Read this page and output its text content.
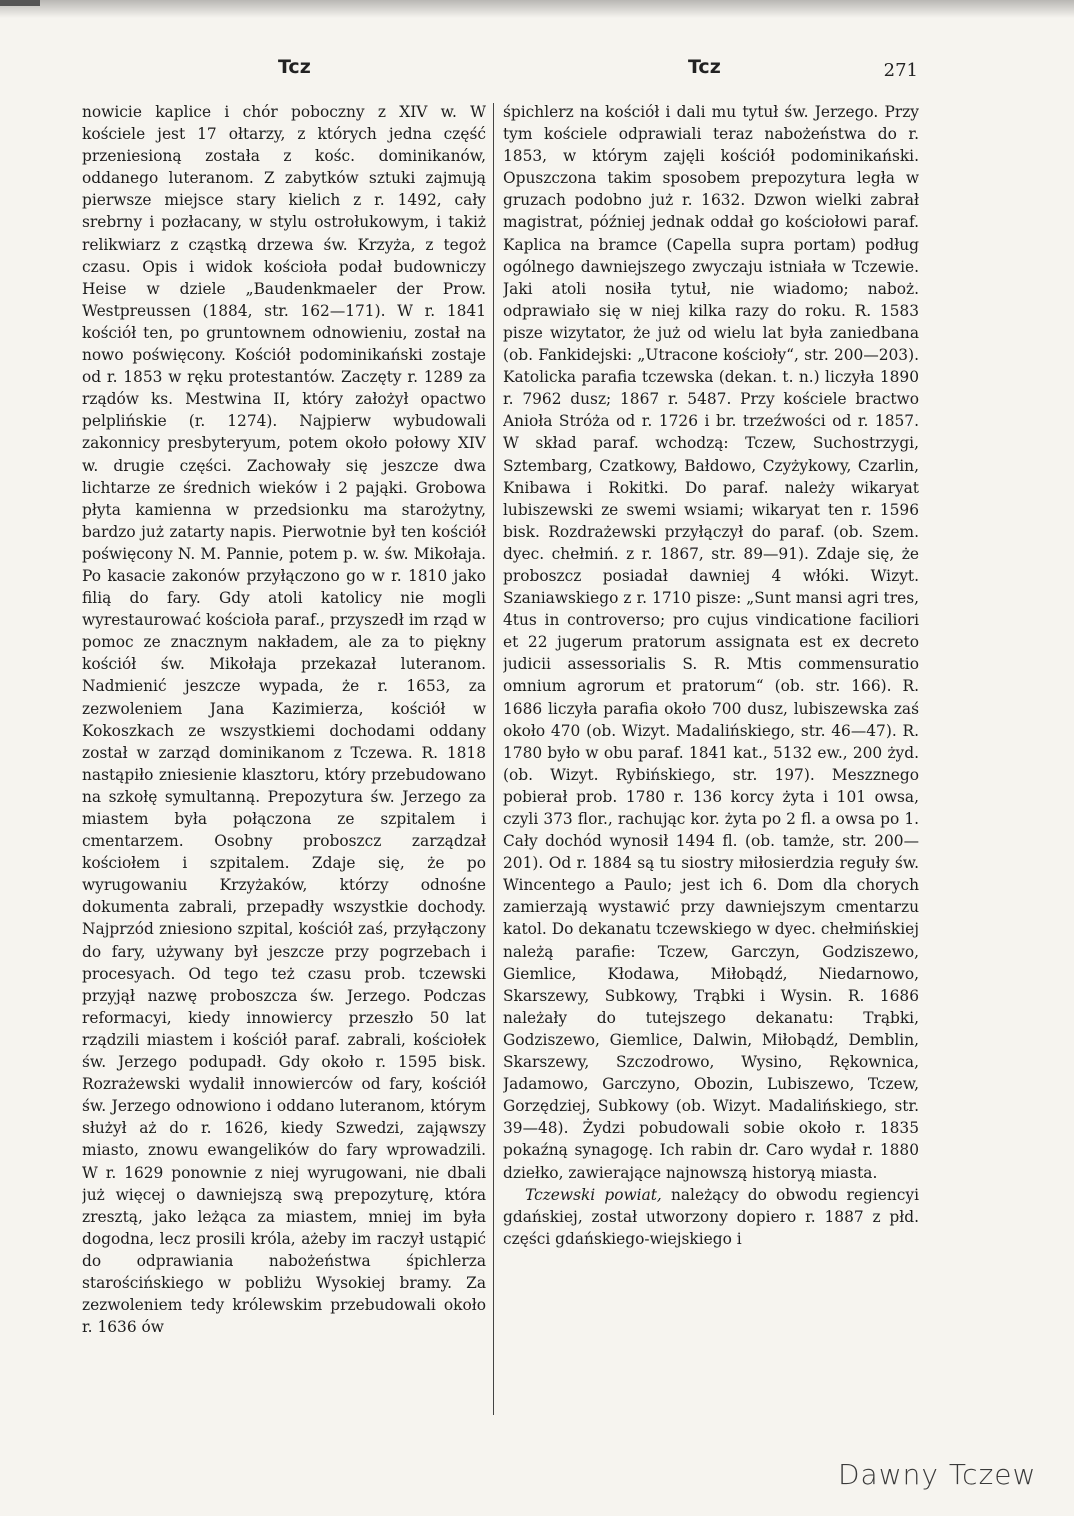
Tcz	Tcz	271

nowicie kaplice i chór poboczny z XIV w. W kościele jest 17 ołtarzy, z których jedna część przeniesioną została z kośc. dominikanów, oddanego luteranom. Z zabytków sztuki zajmują pierwsze miejsce stary kielich z r. 1492, cały srebrny i pozłacany, w stylu ostrołukowym, i takiż relikwiarz z cząstką drzewa św. Krzyża, z tegoż czasu. Opis i widok kościoła podał budowniczy Heise w dziele „Baudenkmaeler der Prow. Westpreussen (1884, str. 162—171). W r. 1841 kościół ten, po gruntownem odnowieniu, został na nowo poświęcony. Kościół podominikański zostaje od r. 1853 w ręku protestantów. Zaczęty r. 1289 za rządów ks. Mestwina II, który założył opactwo pelplińskie (r. 1274). Najpierw wybudowali zakonnicy presbyteryum, potem około połowy XIV w. drugie części. Zachowały się jeszcze dwa lichtarze ze średnich wieków i 2 pająki. Grobowa płyta kamienna w przedsionku ma starożytny, bardzo już zatarty napis. Pierwotnie był ten kościół poświęcony N. M. Pannie, potem p. w. św. Mikołaja. Po kasacie zakonów przyłączono go w r. 1810 jako filią do fary. Gdy atoli katolicy nie mogli wyrestaurować kościoła paraf., przyszedł im rząd w pomoc ze znacznym nakładem, ale za to piękny kościół św. Mikołaja przekazał luteranom. Nadmienić jeszcze wypada, że r. 1653, za zezwoleniem Jana Kazimierza, kościół w Kokoszkach ze wszystkiemi dochodami oddany został w zarząd dominikanom z Tczewa. R. 1818 nastąpiło zniesienie klasztoru, który przebudowano na szkołę symultanną. Prepozytura św. Jerzego za miastem była połączona ze szpitalem i cmentarzem. Osobny proboszcz zarządzał kościołem i szpitalem. Zdaje się, że po wyrugowaniu Krzyżaków, którzy odnośne dokumenta zabrali, przepadły wszystkie dochody. Najprzód zniesiono szpital, kościół zaś, przyłączony do fary, używany był jeszcze przy pogrzebach i procesyach. Od tego też czasu prob. tczewski przyjął nazwę proboszcza św. Jerzego. Podczas reformacyi, kiedy innowiercy przeszło 50 lat rządzili miastem i kościół paraf. zabrali, kościołek św. Jerzego podupadł. Gdy około r. 1595 bisk. Rozrażewski wydalił innowierców od fary, kościół św. Jerzego odnowiono i oddano luteranom, którym służył aż do r. 1626, kiedy Szwedzi, zająwszy miasto, znowu ewangelików do fary wprowadzili. W r. 1629 ponownie z niej wyrugowani, nie dbali już więcej o dawniejszą swą prepozyturę, która zresztą, jako leżąca za miastem, mniej im była dogodna, lecz prosili króla, ażeby im raczył ustąpić do odprawiania nabożeństwa śpichlerza starościńskiego w pobliżu Wysokiej bramy. Za zezwoleniem tedy królewskim przebudowali około r. 1636 ów

śpichlerz na kościół i dali mu tytuł św. Jerzego. Przy tym kościele odprawiali teraz nabożeństwa do r. 1853, w którym zajęli kościół podominikański. Opuszczona takim sposobem prepozytura legła w gruzach podobno już r. 1632. Dzwon wielki zabrał magistrat, później jednak oddał go kościołowi paraf. Kaplica na bramce (Capella supra portam) podług ogólnego dawniejszego zwyczaju istniała w Tczewie. Jaki atoli nosiła tytuł, nie wiadomo; naboż. odprawiało się w niej kilka razy do roku. R. 1583 pisze wizytator, że już od wielu lat była zaniedbana (ob. Fankidejski: „Utracone kościoły“, str. 200—203). Katolicka parafia tczewska (dekan. t. n.) liczyła 1890 r. 7962 dusz; 1867 r. 5487. Przy kościele bractwo Anioła Stróża od r. 1726 i br. trzeźwości od r. 1857. W skład paraf. wchodzą: Tczew, Suchostrzygi, Sztembarg, Czatkowy, Bałdowo, Czyżykowy, Czarlin, Knibawa i Rokitki. Do paraf. należy wikaryat lubiszewski ze swemi wsiami; wikaryat ten r. 1596 bisk. Rozdrażewski przyłączył do paraf. (ob. Szem. dyec. chełmiń. z r. 1867, str. 89—91). Zdaje się, że proboszcz posiadał dawniej 4 włóki. Wizyt. Szaniawskiego z r. 1710 pisze: „Sunt mansi agri tres, 4tus in controverso; pro cujus vindicatione faciliori et 22 jugerum pratorum assignata est ex decreto judicii assessorialis S. R. Mtis commensuratio omnium agrorum et pratorum“ (ob. str. 166). R. 1686 liczyła parafia około 700 dusz, lubiszewska zaś około 470 (ob. Wizyt. Madalińskiego, str. 46—47). R. 1780 było w obu paraf. 1841 kat., 5132 ew., 200 żyd. (ob. Wizyt. Rybińskiego, str. 197). Meszznego pobierał prob. 1780 r. 136 korcy żyta i 101 owsa, czyli 373 flor., rachując kor. żyta po 2 fl. a owsa po 1. Cały dochód wynosił 1494 fl. (ob. tamże, str. 200—201). Od r. 1884 są tu siostry miłosierdzia reguły św. Wincentego a Paulo; jest ich 6. Dom dla chorych zamierzają wystawić przy dawniejszym cmentarzu katol. Do dekanatu tczewskiego w dyec. chełmińskiej należą parafie: Tczew, Garczyn, Godziszewo, Giemlice, Kłodawa, Miłobądź, Niedarnowo, Skarszewy, Subkowy, Trąbki i Wysin. R. 1686 należały do tutejszego dekanatu: Trąbki, Godziszewo, Giemlice, Dalwin, Miłobądź, Demblin, Skarszewy, Szczodrowo, Wysino, Rękownica, Jadamowo, Garczyno, Obozin, Lubiszewo, Tczew, Gorzędziej, Subkowy (ob. Wizyt. Madalińskiego, str. 39—48). Żydzi pobudowali sobie około r. 1835 pokaźną synagogę. Ich rabin dr. Caro wydał r. 1880 dziełko, zawierające najnowszą historyą miasta.

Tczewski powiat, należący do obwodu regiencyi gdańskiej, został utworzony dopiero r. 1887 z płd. części gdańskiego-wiejskiego i

Dawny Tczew
